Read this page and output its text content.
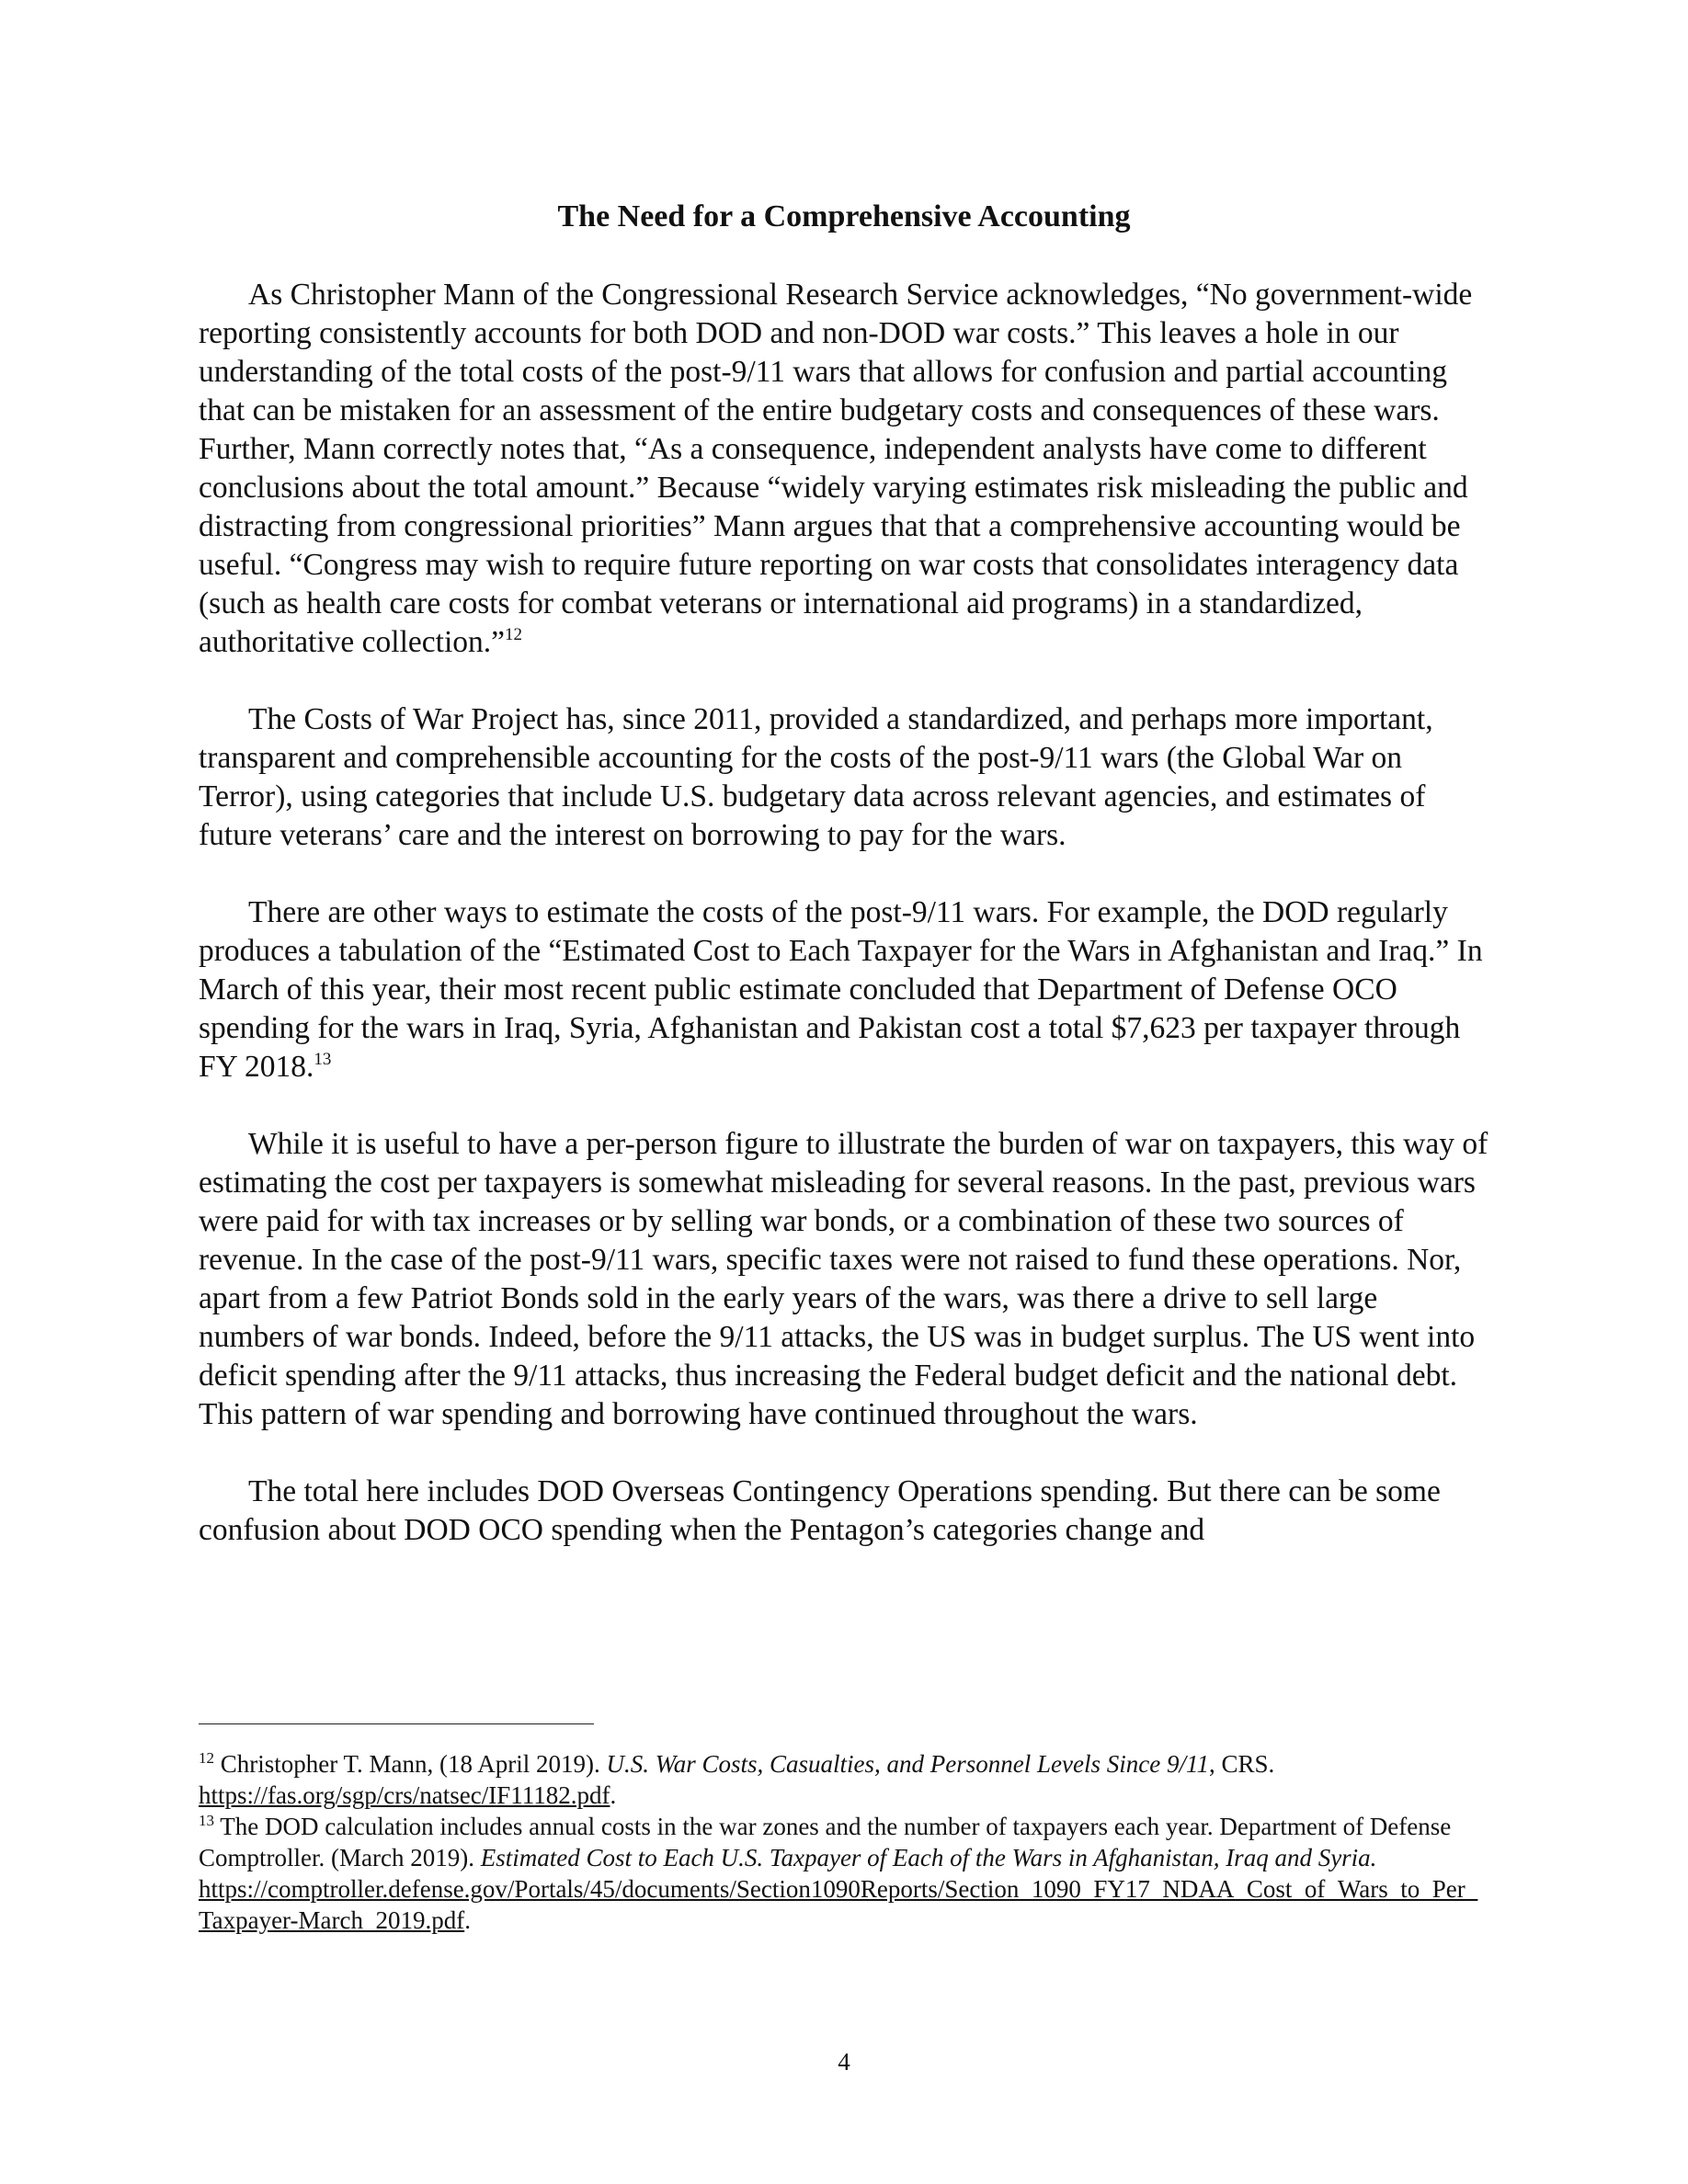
The Need for a Comprehensive Accounting

As Christopher Mann of the Congressional Research Service acknowledges, “No government-wide reporting consistently accounts for both DOD and non-DOD war costs.” This leaves a hole in our understanding of the total costs of the post-9/11 wars that allows for confusion and partial accounting that can be mistaken for an assessment of the entire budgetary costs and consequences of these wars. Further, Mann correctly notes that, “As a consequence, independent analysts have come to different conclusions about the total amount.” Because “widely varying estimates risk misleading the public and distracting from congressional priorities” Mann argues that that a comprehensive accounting would be useful. “Congress may wish to require future reporting on war costs that consolidates interagency data (such as health care costs for combat veterans or international aid programs) in a standardized, authoritative collection.”$^{12}$

The Costs of War Project has, since 2011, provided a standardized, and perhaps more important, transparent and comprehensible accounting for the costs of the post-9/11 wars (the Global War on Terror), using categories that include U.S. budgetary data across relevant agencies, and estimates of future veterans’ care and the interest on borrowing to pay for the wars.

There are other ways to estimate the costs of the post-9/11 wars. For example, the DOD regularly produces a tabulation of the “Estimated Cost to Each Taxpayer for the Wars in Afghanistan and Iraq.” In March of this year, their most recent public estimate concluded that Department of Defense OCO spending for the wars in Iraq, Syria, Afghanistan and Pakistan cost a total $7,623 per taxpayer through FY 2018.13

While it is useful to have a per-person figure to illustrate the burden of war on taxpayers, this way of estimating the cost per taxpayers is somewhat misleading for several reasons. In the past, previous wars were paid for with tax increases or by selling war bonds, or a combination of these two sources of revenue. In the case of the post-9/11 wars, specific taxes were not raised to fund these operations. Nor, apart from a few Patriot Bonds sold in the early years of the wars, was there a drive to sell large numbers of war bonds. Indeed, before the 9/11 attacks, the US was in budget surplus. The US went into deficit spending after the 9/11 attacks, thus increasing the Federal budget deficit and the national debt. This pattern of war spending and borrowing have continued throughout the wars.

The total here includes DOD Overseas Contingency Operations spending. But there can be some confusion about DOD OCO spending when the Pentagon’s categories change and

$^{12}$ Christopher T. Mann, (18 April 2019). U.S. War Costs, Casualties, and Personnel Levels Since 9/11, CRS.
https://fas.org/sgp/crs/natsec/IF11182.pdf.

$^{13}$ The DOD calculation includes annual costs in the war zones and the number of taxpayers each year. Department of Defense Comptroller. (March 2019). Estimated Cost to Each U.S. Taxpayer of Each of the Wars in Afghanistan, Iraq and Syria.
https://comptroller.defense.gov/Portals/45/documents/Section1090Reports/Section_1090_FY17_NDAA_Cost_of_Wars_to_Per_Taxpayer-March_2019.pdf.

4
